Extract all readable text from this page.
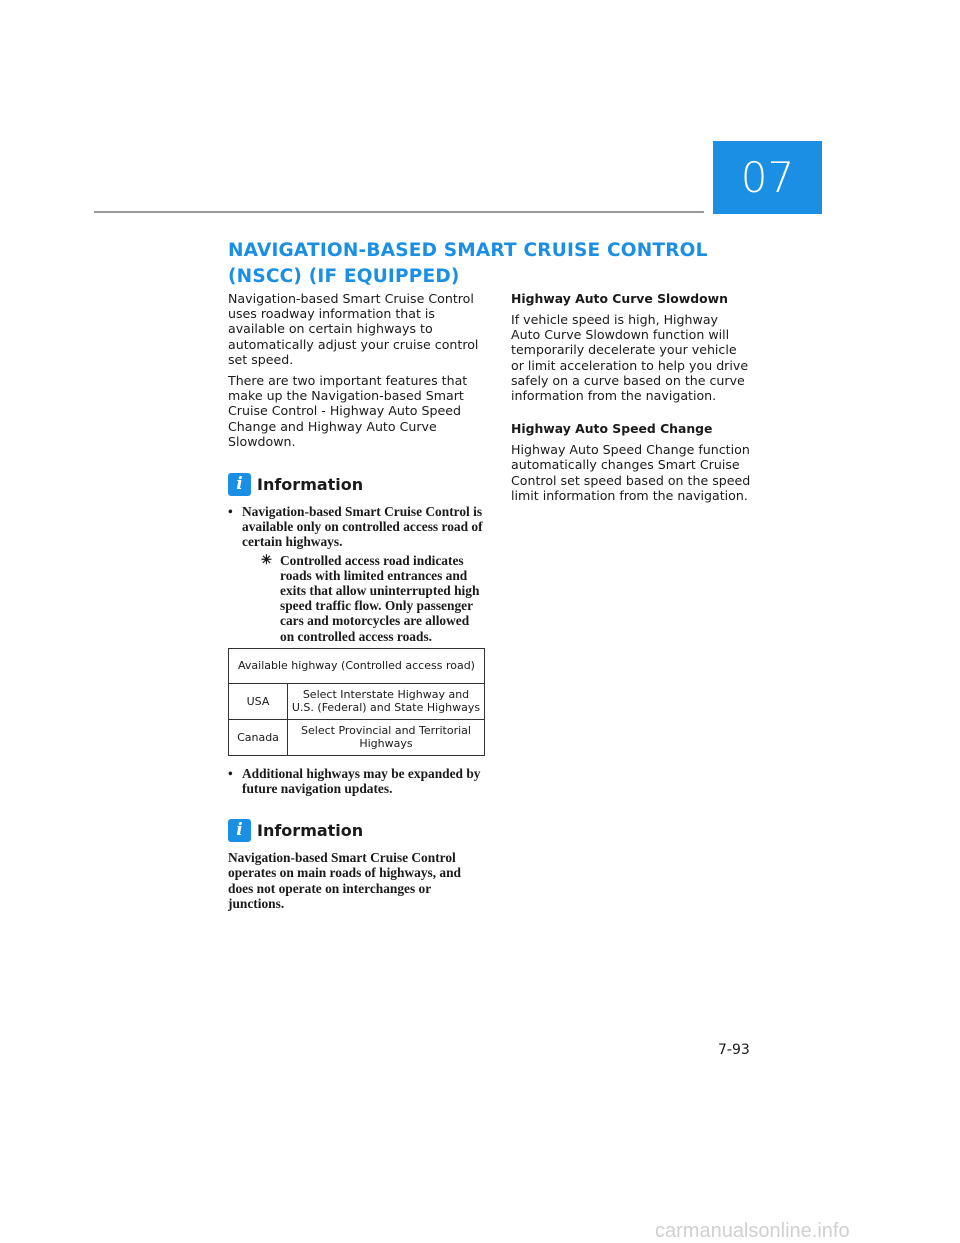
07
NAVIGATION-BASED SMART CRUISE CONTROL (NSCC) (IF EQUIPPED)

Navigation-based Smart Cruise Control uses roadway information that is available on certain highways to automatically adjust your cruise control set speed.

There are two important features that make up the Navigation-based Smart Cruise Control - Highway Auto Speed Change and Highway Auto Curve Slowdown.

i Information
• Navigation-based Smart Cruise Control is available only on controlled access road of certain highways.
✳ Controlled access road indicates roads with limited entrances and exits that allow uninterrupted high speed traffic flow. Only passenger cars and motorcycles are allowed on controlled access roads.
Available highway (Controlled access road)	
USA	Select Interstate Highway and U.S. (Federal) and State Highways
Canada	Select Provincial and Territorial Highways
• Additional highways may be expanded by future navigation updates.
i Information

Navigation-based Smart Cruise Control operates on main roads of highways, and does not operate on interchanges or junctions.

Highway Auto Curve Slowdown

If vehicle speed is high, Highway Auto Curve Slowdown function will temporarily decelerate your vehicle or limit acceleration to help you drive safely on a curve based on the curve information from the navigation.

Highway Auto Speed Change

Highway Auto Speed Change function automatically changes Smart Cruise Control set speed based on the speed limit information from the navigation.

7-93
carmanualsonline.info
